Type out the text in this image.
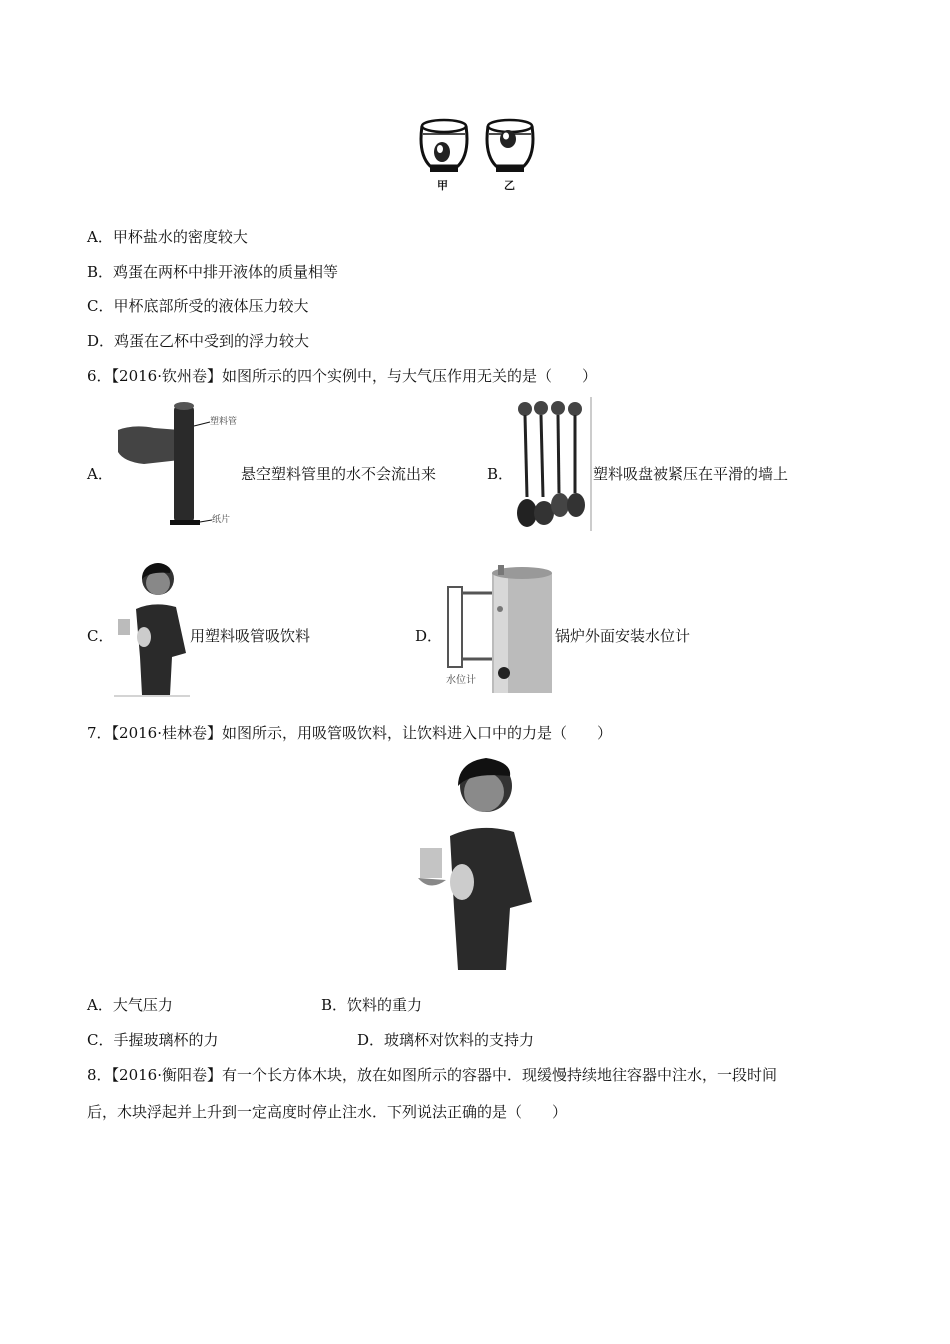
甲	乙
A．甲杯盐水的密度较大
B．鸡蛋在两杯中排开液体的质量相等
C．甲杯底部所受的液体压力较大
D．鸡蛋在乙杯中受到的浮力较大
6．【2016·钦州卷】如图所示的四个实例中，与大气压作用无关的是（　　）
A．
塑料管
纸片
悬空塑料管里的水不会流出来	B．	塑料吸盘被紧压在平滑的墙上
C．	用塑料吸管吸饮料	D．
水位计
锅炉外面安装水位计
7．【2016·桂林卷】如图所示，用吸管吸饮料，让饮料进入口中的力是（　　）
A．大气压力	B．饮料的重力
C．手握玻璃杯的力	D．玻璃杯对饮料的支持力
8．【2016·衡阳卷】有一个长方体木块，放在如图所示的容器中．现缓慢持续地往容器中注水，一段时间
后，木块浮起并上升到一定高度时停止注水．下列说法正确的是（　　）
